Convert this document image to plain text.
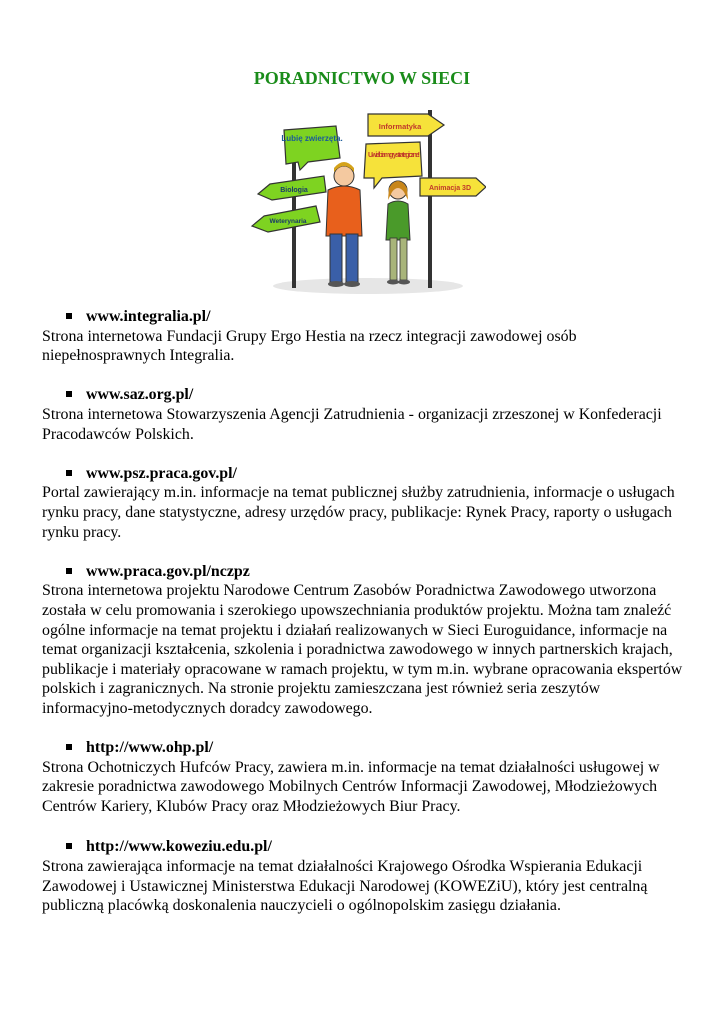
PORADNICTWO W SIECI
Lubię zwierzęta.
Informatyka
Uwielbiam gry strategiczne!
Biologia	Animacja 3D
Weterynaria
www.integralia.pl/
Strona internetowa Fundacji Grupy Ergo Hestia na rzecz integracji zawodowej osób niepełnosprawnych Integralia.
www.saz.org.pl/
Strona internetowa Stowarzyszenia Agencji Zatrudnienia - organizacji zrzeszonej w Konfederacji Pracodawców Polskich.
www.psz.praca.gov.pl/
Portal zawierający m.in. informacje na temat publicznej służby zatrudnienia, informacje o usługach rynku pracy, dane statystyczne, adresy urzędów pracy, publikacje: Rynek Pracy, raporty o usługach rynku pracy.
www.praca.gov.pl/nczpz
Strona internetowa projektu Narodowe Centrum Zasobów Poradnictwa Zawodowego utworzona została w celu promowania i szerokiego upowszechniania produktów projektu. Można tam znaleźć ogólne informacje na temat projektu i działań realizowanych w Sieci Euroguidance, informacje na temat organizacji kształcenia, szkolenia i poradnictwa zawodowego w innych partnerskich krajach, publikacje i materiały opracowane w ramach projektu, w tym m.in. wybrane opracowania ekspertów polskich i zagranicznych. Na stronie projektu zamieszczana jest również seria zeszytów informacyjno-metodycznych doradcy zawodowego.
http://www.ohp.pl/
Strona Ochotniczych Hufców Pracy, zawiera m.in. informacje na temat działalności usługowej w zakresie poradnictwa zawodowego Mobilnych Centrów Informacji Zawodowej, Młodzieżowych Centrów Kariery, Klubów Pracy oraz Młodzieżowych Biur Pracy.
http://www.koweziu.edu.pl/
Strona zawierająca informacje na temat działalności Krajowego Ośrodka Wspierania Edukacji Zawodowej i Ustawicznej Ministerstwa Edukacji Narodowej (KOWEZiU), który jest centralną publiczną placówką doskonalenia nauczycieli o ogólnopolskim zasięgu działania.
